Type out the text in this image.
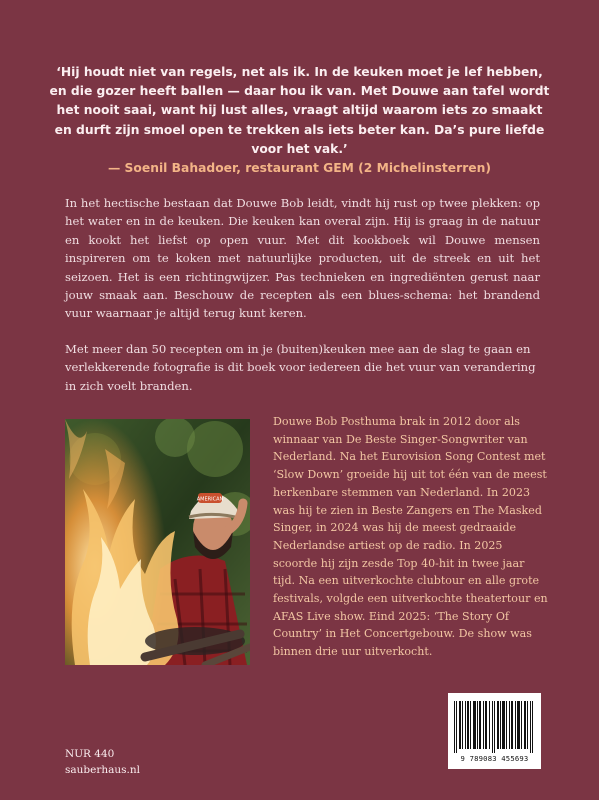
‘Hij houdt niet van regels, net als ik. In de keuken moet je lef hebben, en die gozer heeft ballen — daar hou ik van. Met Douwe aan tafel wordt het nooit saai, want hij lust alles, vraagt altijd waarom iets zo smaakt en durft zijn smoel open te trekken als iets beter kan. Da’s pure liefde voor het vak.’
— Soenil Bahadoer, restaurant GEM (2 Michelinsterren)

In het hectische bestaan dat Douwe Bob leidt, vindt hij rust op twee plekken: op het water en in de keuken. Die keuken kan overal zijn. Hij is graag in de natuur en kookt het liefst op open vuur. Met dit kookboek wil Douwe mensen inspireren om te koken met natuurlijke producten, uit de streek en uit het seizoen. Het is een richtingwijzer. Pas technieken en ingrediënten gerust naar jouw smaak aan. Beschouw de recepten als een blues-schema: het brandend vuur waarnaar je altijd terug kunt keren.

Met meer dan 50 recepten om in je (buiten)keuken mee aan de slag te gaan en verlekkerende fotografie is dit boek voor iedereen die het vuur van verandering in zich voelt branden.

AMERICAN

Douwe Bob Posthuma brak in 2012 door als winnaar van De Beste Singer-Songwriter van Nederland. Na het Eurovision Song Contest met ‘Slow Down’ groeide hij uit tot één van de meest herkenbare stemmen van Nederland. In 2023 was hij te zien in Beste Zangers en The Masked Singer, in 2024 was hij de meest gedraaide Nederlandse artiest op de radio. In 2025 scoorde hij zijn zesde Top 40-hit in twee jaar tijd. Na een uitverkochte clubtour en alle grote festivals, volgde een uitverkochte theatertour en AFAS Live show. Eind 2025: ‘The Story Of Country’ in Het Concertgebouw. De show was binnen drie uur uitverkocht.

9 789083 455693
NUR 440
sauberhaus.nl
